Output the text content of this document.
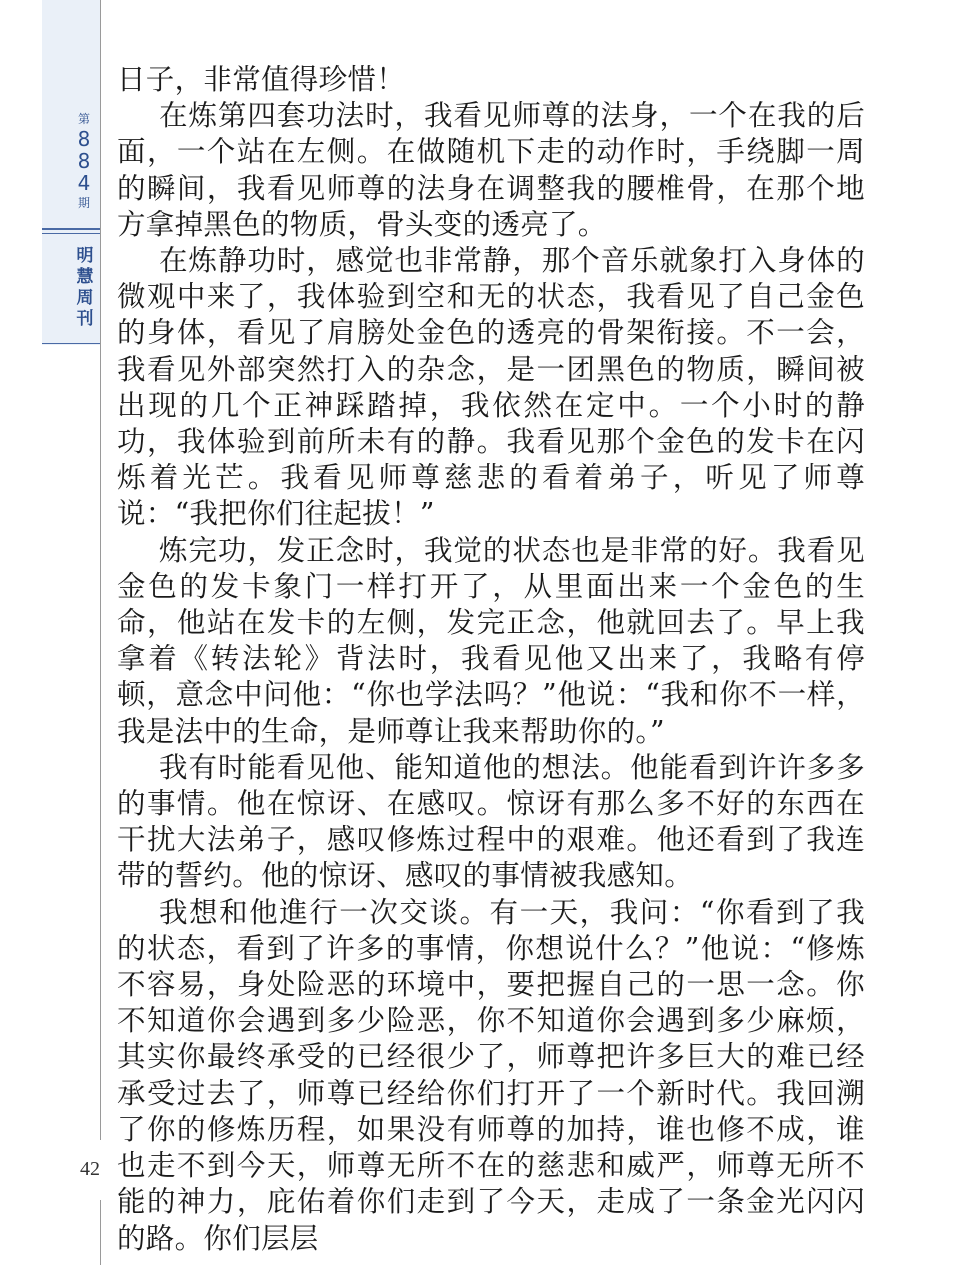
第
8
8
4
期
明
慧
周
刊
42

日子，非常值得珍惜！

在炼第四套功法时，我看见师尊的法身，一个在我的后面，一个站在左侧。在做随机下走的动作时，手绕脚一周的瞬间，我看见师尊的法身在调整我的腰椎骨，在那个地方拿掉黑色的物质，骨头变的透亮了。

在炼静功时，感觉也非常静，那个音乐就象打入身体的微观中来了，我体验到空和无的状态，我看见了自己金色的身体，看见了肩膀处金色的透亮的骨架衔接。不一会，我看见外部突然打入的杂念，是一团黑色的物质，瞬间被出现的几个正神踩踏掉，我依然在定中。一个小时的静功，我体验到前所未有的静。我看见那个金色的发卡在闪烁着光芒。我看见师尊慈悲的看着弟子，听见了师尊说：“我把你们往起拔！”

炼完功，发正念时，我觉的状态也是非常的好。我看见金色的发卡象门一样打开了，从里面出来一个金色的生命，他站在发卡的左侧，发完正念，他就回去了。早上我拿着《转法轮》背法时，我看见他又出来了，我略有停顿，意念中问他：“你也学法吗？”他说：“我和你不一样，我是法中的生命，是师尊让我来帮助你的。”

我有时能看见他、能知道他的想法。他能看到许许多多的事情。他在惊讶、在感叹。惊讶有那么多不好的东西在干扰大法弟子，感叹修炼过程中的艰难。他还看到了我连带的誓约。他的惊讶、感叹的事情被我感知。

我想和他進行一次交谈。有一天，我问：“你看到了我的状态，看到了许多的事情，你想说什么？”他说：“修炼不容易，身处险恶的环境中，要把握自己的一思一念。你不知道你会遇到多少险恶，你不知道你会遇到多少麻烦，其实你最终承受的已经很少了，师尊把许多巨大的难已经承受过去了，师尊已经给你们打开了一个新时代。我回溯了你的修炼历程，如果没有师尊的加持，谁也修不成，谁也走不到今天，师尊无所不在的慈悲和威严，师尊无所不能的神力，庇佑着你们走到了今天，走成了一条金光闪闪的路。你们层层
